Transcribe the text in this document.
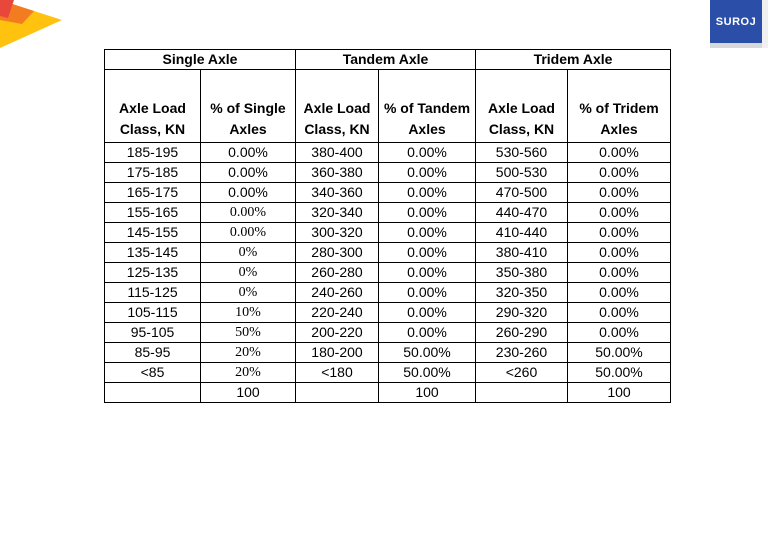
SUROJ
Single Axle		Tandem Axle		Tridem Axle	
Axle Load Class, KN	% of Single Axles	Axle Load Class, KN	% of Tandem Axles	Axle Load Class, KN	% of Tridem Axles
185-195	0.00%	380-400	0.00%	530-560	0.00%
175-185	0.00%	360-380	0.00%	500-530	0.00%
165-175	0.00%	340-360	0.00%	470-500	0.00%
155-165	0.00%	320-340	0.00%	440-470	0.00%
145-155	0.00%	300-320	0.00%	410-440	0.00%
135-145	0%	280-300	0.00%	380-410	0.00%
125-135	0%	260-280	0.00%	350-380	0.00%
115-125	0%	240-260	0.00%	320-350	0.00%
105-115	10%	220-240	0.00%	290-320	0.00%
95-105	50%	200-220	0.00%	260-290	0.00%
85-95	20%	180-200	50.00%	230-260	50.00%
<85	20%	<180	50.00%	<260	50.00%
	100		100		100
